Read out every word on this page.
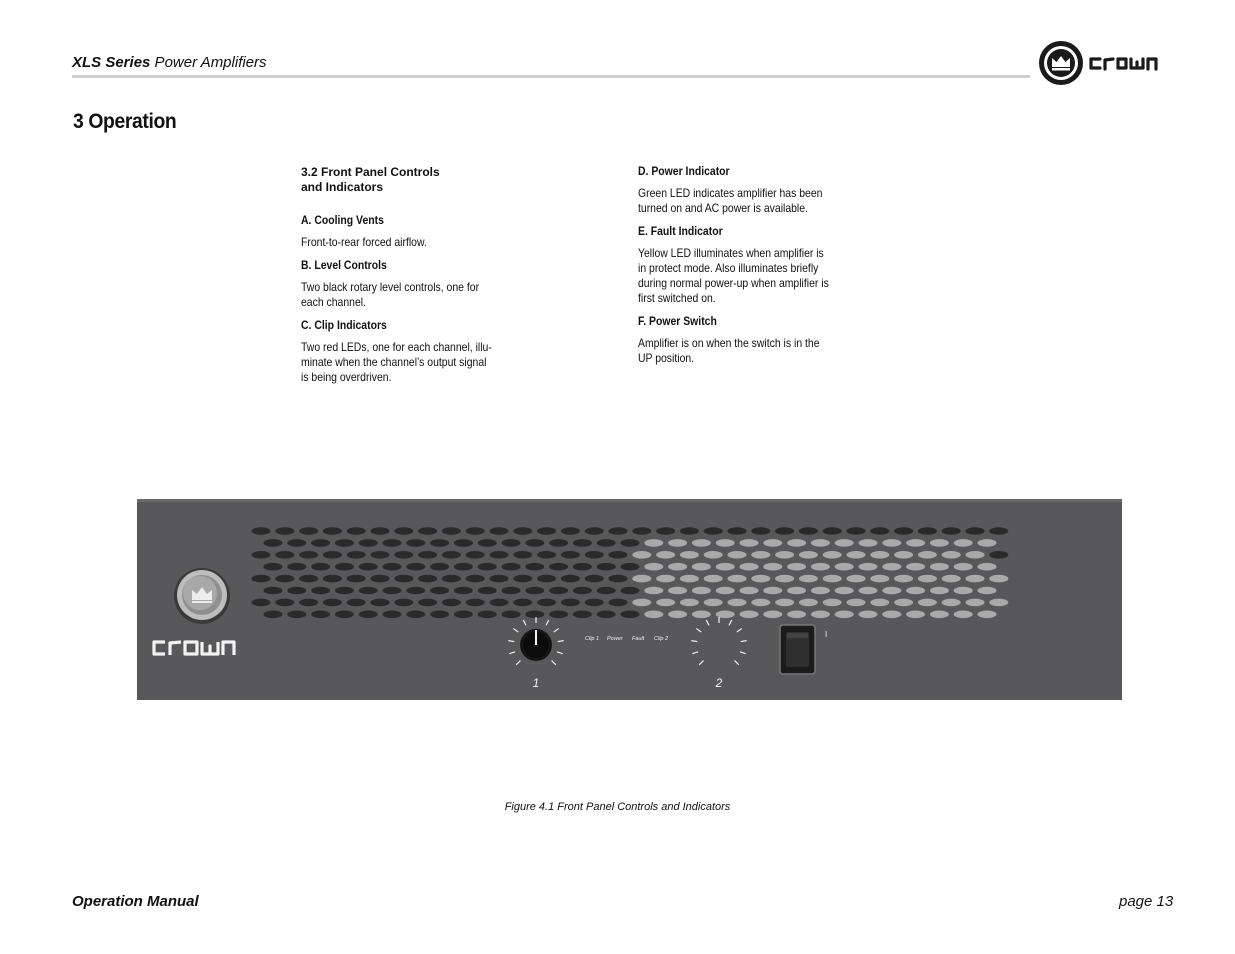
XLS Series Power Amplifiers
3 Operation
3.2 Front Panel Controls
and Indicators
A. Cooling Vents
Front-to-rear forced airflow.
B. Level Controls
Two black rotary level controls, one for
each channel.
C. Clip Indicators
Two red LEDs, one for each channel, illu-
minate when the channel’s output signal
is being overdriven.
D. Power Indicator
Green LED indicates amplifier has been
turned on and AC power is available.
E. Fault Indicator
Yellow LED illuminates when amplifier is
in protect mode. Also illuminates briefly
during normal power-up when amplifier is
first switched on.
F. Power Switch
Amplifier is on when the switch is in the
UP position.
1
Clip 1 Power Fault Clip 2
2
I
Figure 4.1 Front Panel Controls and Indicators
Operation Manual	page 13
